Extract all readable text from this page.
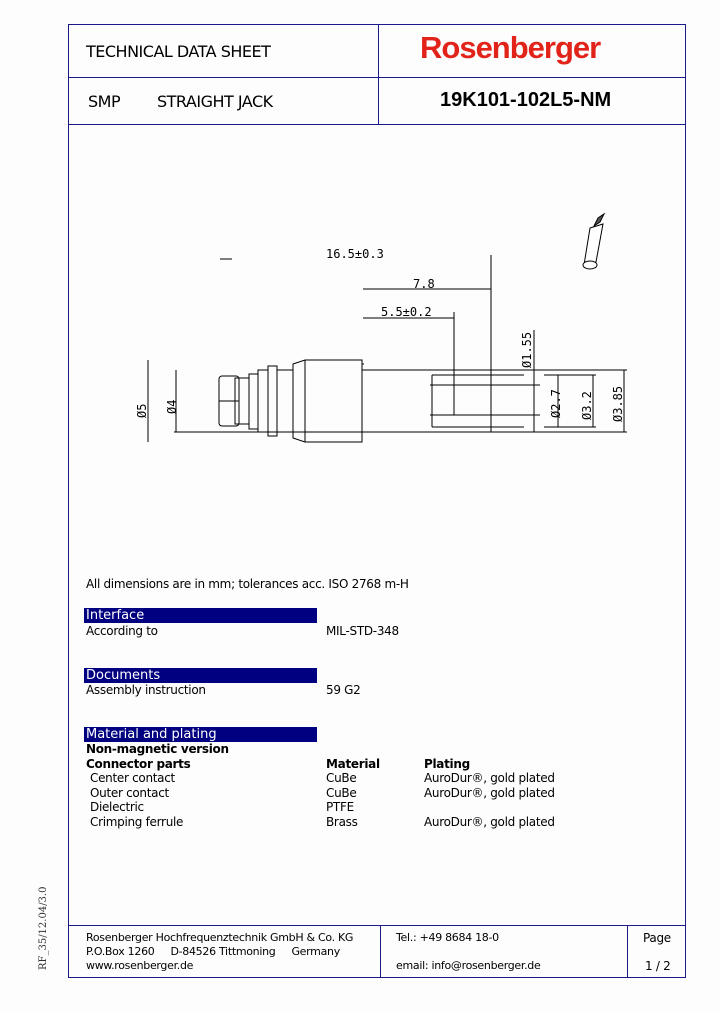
TECHNICAL DATA SHEET	Rosenberger
SMP STRAIGHT JACK	19K101-102L5-NM
16.5±0.3
7.8
5.5±0.2
Ø5 Ø4
Ø1.55
Ø2.7 Ø3.2 Ø3.85
All dimensions are in mm; tolerances acc. ISO 2768 m-H
Interface
According to	MIL-STD-348
Documents
Assembly instruction	59 G2
Material and plating
Non-magnetic version
Connector parts	Material	Plating
Center contact	CuBe	AuroDur®, gold plated
Outer contact	CuBe	AuroDur®, gold plated
Dielectric	PTFE
Crimping ferrule	Brass	AuroDur®, gold plated
Rosenberger Hochfrequenztechnik GmbH & Co. KG
P.O.Box 1260     D-84526 Tittmoning     Germany
www.rosenberger.de
Tel.: +49 8684 18-0
email: info@rosenberger.de
Page
1 / 2
RF_35/12.04/3.0
